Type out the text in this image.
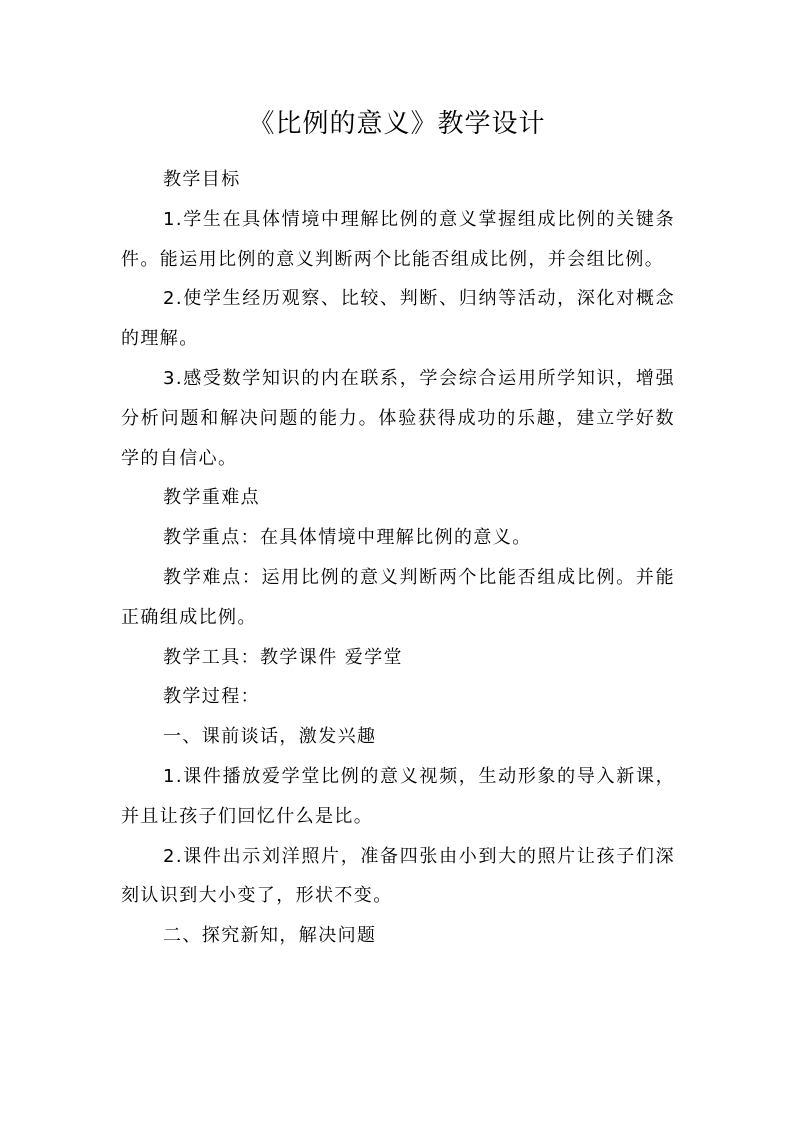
《比例的意义》教学设计

教学目标

1.学生在具体情境中理解比例的意义掌握组成比例的关键条件。能运用比例的意义判断两个比能否组成比例，并会组比例。

2.使学生经历观察、比较、判断、归纳等活动，深化对概念的理解。

3.感受数学知识的内在联系，学会综合运用所学知识，增强分析问题和解决问题的能力。体验获得成功的乐趣，建立学好数学的自信心。

教学重难点

教学重点：在具体情境中理解比例的意义。

教学难点：运用比例的意义判断两个比能否组成比例。并能正确组成比例。

教学工具：教学课件 爱学堂

教学过程：

一、课前谈话，激发兴趣

1.课件播放爱学堂比例的意义视频，生动形象的导入新课，并且让孩子们回忆什么是比。

2.课件出示刘洋照片，准备四张由小到大的照片让孩子们深刻认识到大小变了，形状不变。

二、探究新知，解决问题
